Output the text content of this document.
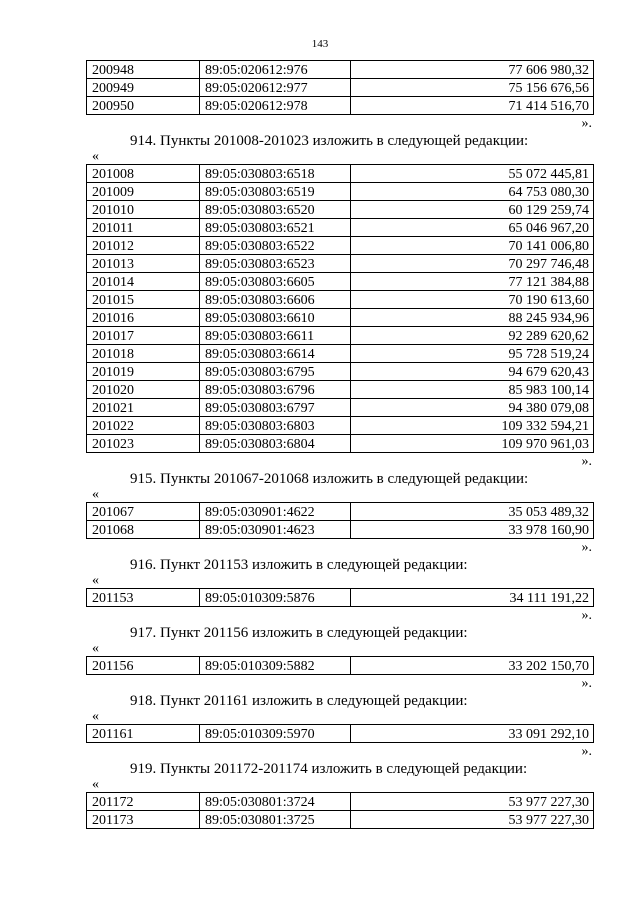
143
200948	89:05:020612:976	77 606 980,32
200949	89:05:020612:977	75 156 676,56
200950	89:05:020612:978	71 414 516,70
».
914. Пункты 201008-201023 изложить в следующей редакции:
«
201008	89:05:030803:6518	55 072 445,81
201009	89:05:030803:6519	64 753 080,30
201010	89:05:030803:6520	60 129 259,74
201011	89:05:030803:6521	65 046 967,20
201012	89:05:030803:6522	70 141 006,80
201013	89:05:030803:6523	70 297 746,48
201014	89:05:030803:6605	77 121 384,88
201015	89:05:030803:6606	70 190 613,60
201016	89:05:030803:6610	88 245 934,96
201017	89:05:030803:6611	92 289 620,62
201018	89:05:030803:6614	95 728 519,24
201019	89:05:030803:6795	94 679 620,43
201020	89:05:030803:6796	85 983 100,14
201021	89:05:030803:6797	94 380 079,08
201022	89:05:030803:6803	109 332 594,21
201023	89:05:030803:6804	109 970 961,03
».
915. Пункты 201067-201068 изложить в следующей редакции:
«
201067	89:05:030901:4622	35 053 489,32
201068	89:05:030901:4623	33 978 160,90
».
916. Пункт 201153 изложить в следующей редакции:
«
201153	89:05:010309:5876	34 111 191,22
».
917. Пункт 201156 изложить в следующей редакции:
«
201156	89:05:010309:5882	33 202 150,70
».
918. Пункт 201161 изложить в следующей редакции:
«
201161	89:05:010309:5970	33 091 292,10
».
919. Пункты 201172-201174 изложить в следующей редакции:
«
201172	89:05:030801:3724	53 977 227,30
201173	89:05:030801:3725	53 977 227,30
